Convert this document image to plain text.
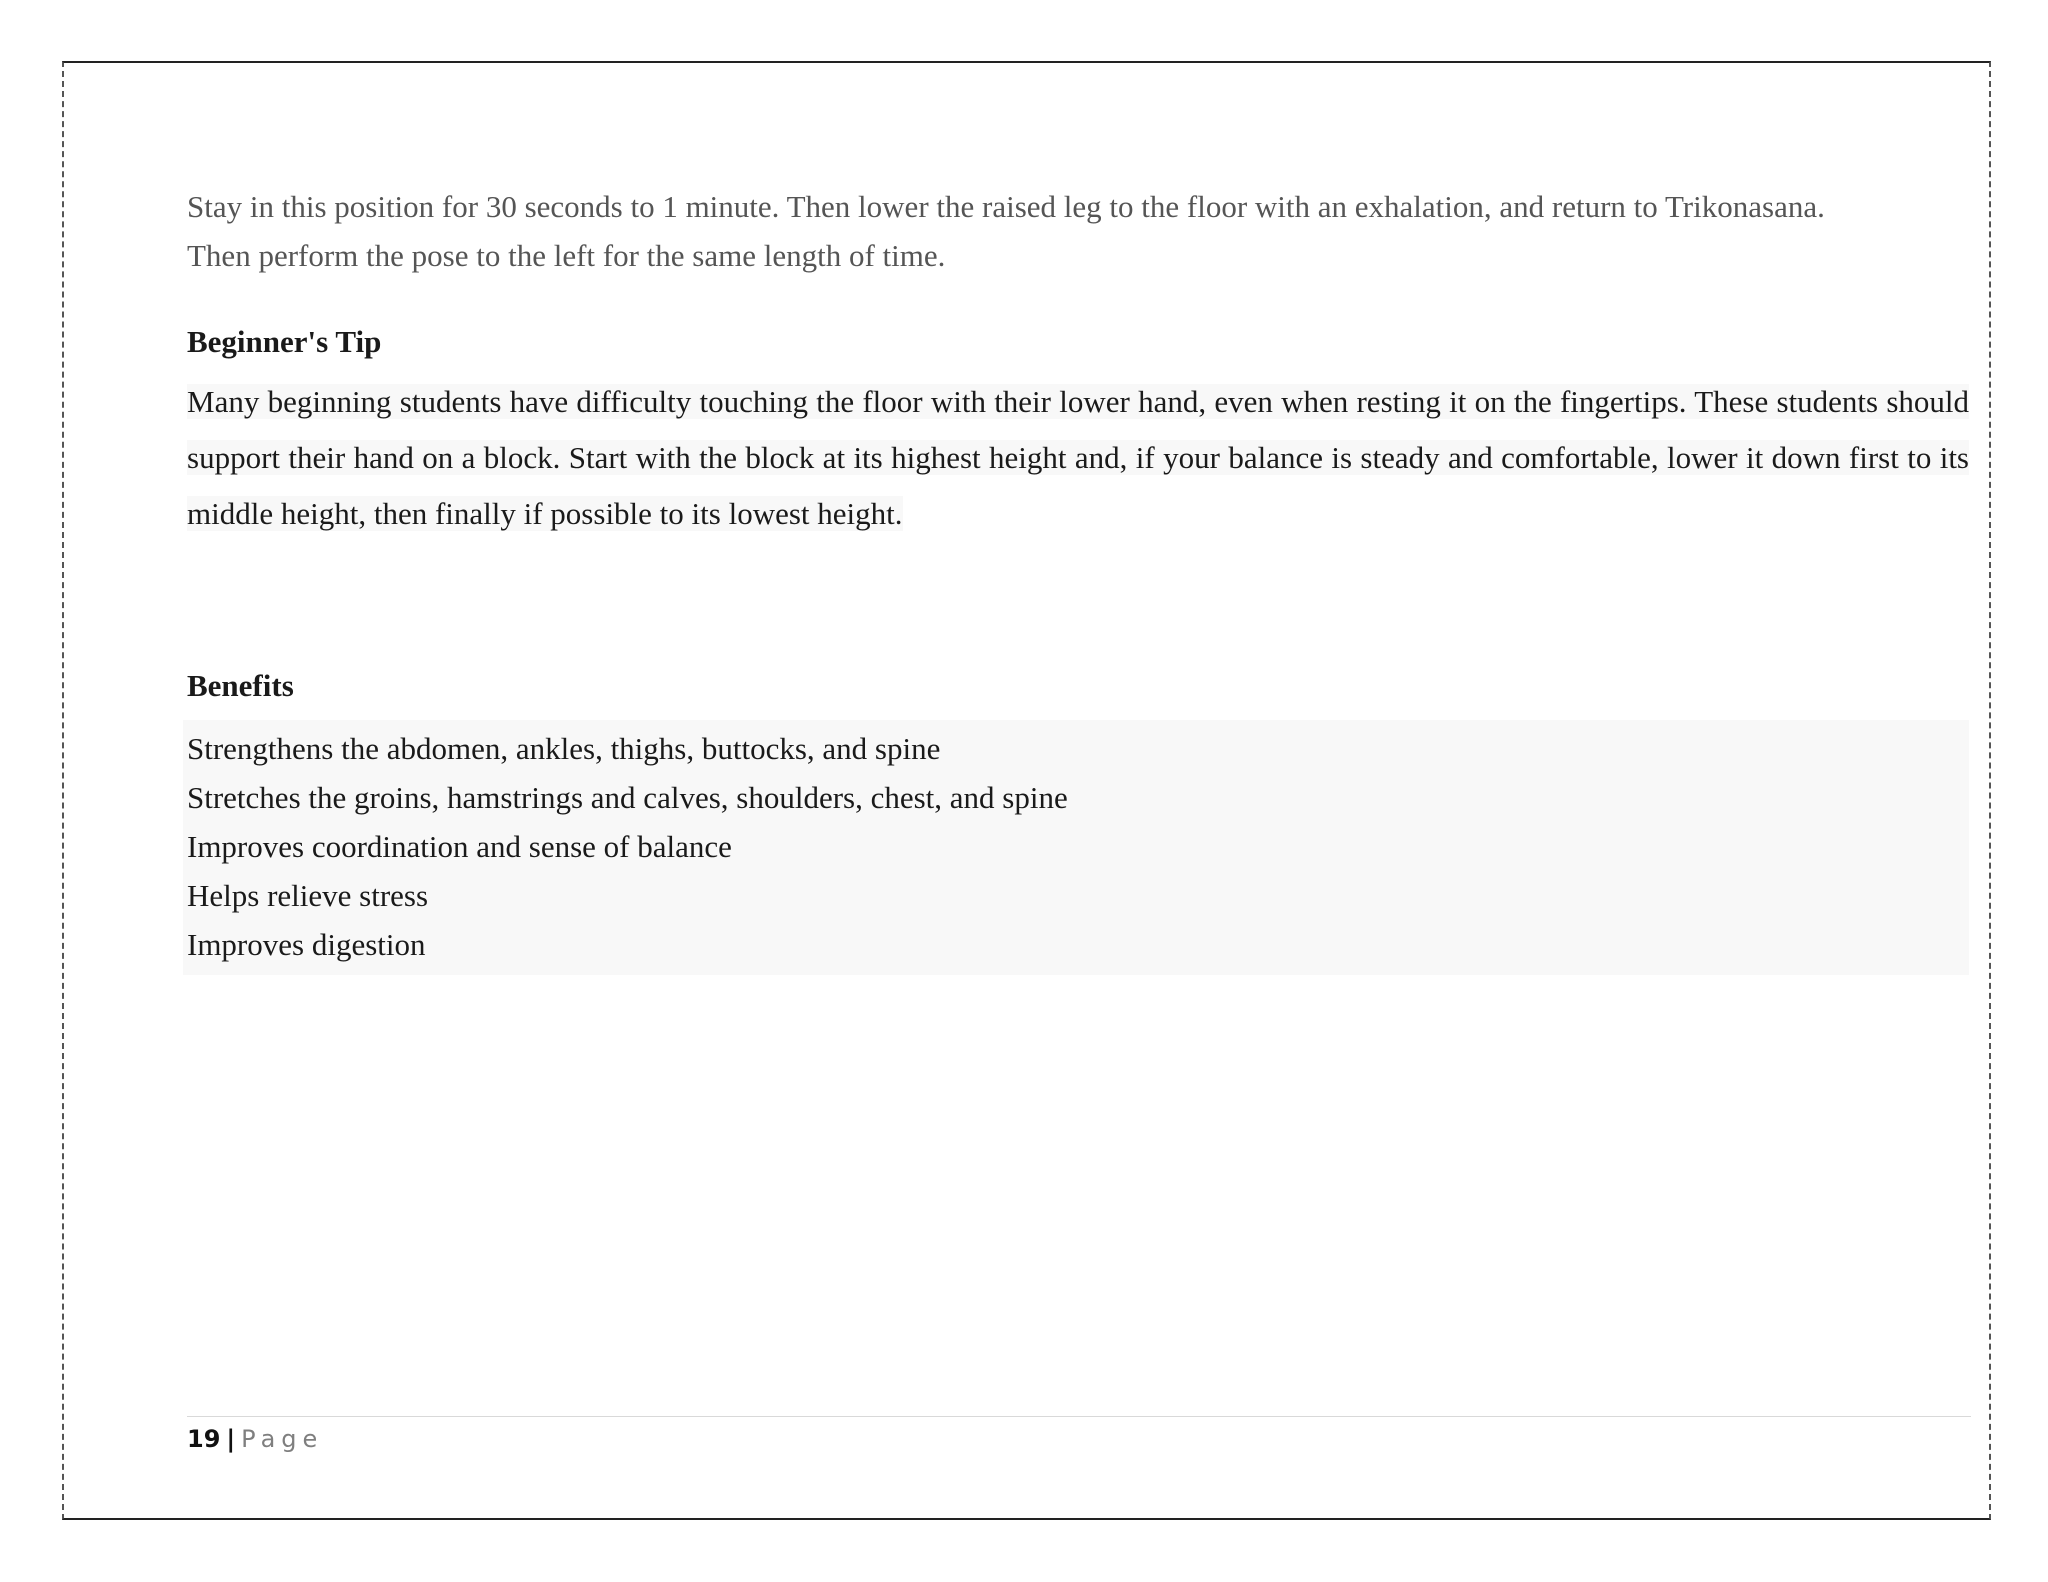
Stay in this position for 30 seconds to 1 minute. Then lower the raised leg to the floor with an exhalation, and return to Trikonasana.
Then perform the pose to the left for the same length of time.

Beginner's Tip

Many beginning students have difficulty touching the floor with their lower hand, even when resting it on the fingertips. These students should support their hand on a block. Start with the block at its highest height and, if your balance is steady and comfortable, lower it down first to its middle height, then finally if possible to its lowest height.

Benefits
Strengthens the abdomen, ankles, thighs, buttocks, and spine
Stretches the groins, hamstrings and calves, shoulders, chest, and spine
Improves coordination and sense of balance
Helps relieve stress
Improves digestion
19 | Page
